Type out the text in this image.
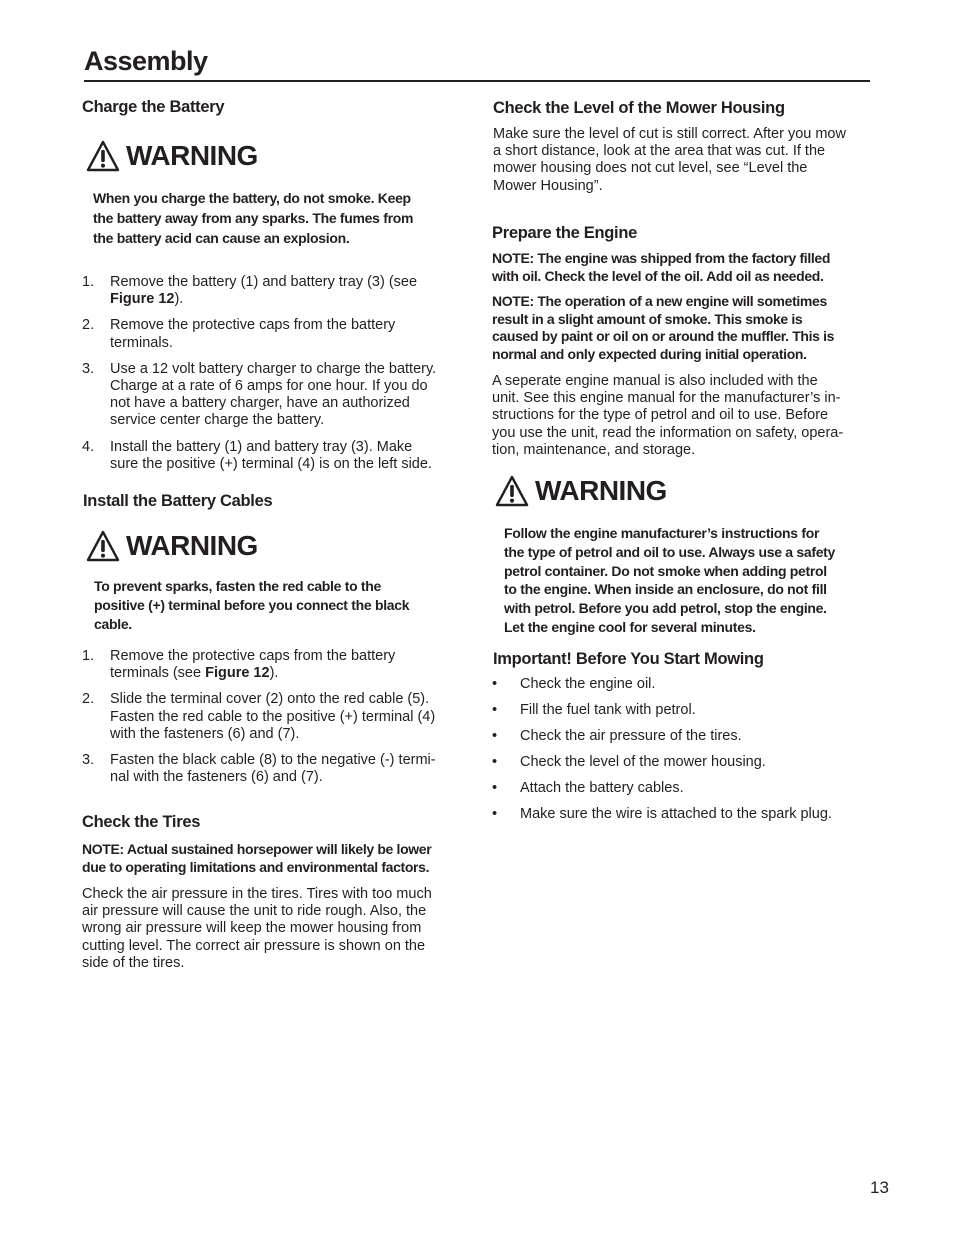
Assembly
Charge the Battery
WARNING

When you charge the battery, do not smoke. Keep
the battery away from any sparks. The fumes from
the battery acid can cause an explosion.

1. Remove the battery (1) and battery tray (3) (see
Figure 12).
2. Remove the protective caps from the battery
terminals.
3. Use a 12 volt battery charger to charge the battery.
Charge at a rate of 6 amps for one hour. If you do
not have a battery charger, have an authorized
service center charge the battery.
4. Install the battery (1) and battery tray (3). Make
sure the positive (+) terminal (4) is on the left side.
Install the Battery Cables
WARNING

To prevent sparks, fasten the red cable to the
positive (+) terminal before you connect the black
cable.

1. Remove the protective caps from the battery
terminals (see Figure 12).
2. Slide the terminal cover (2) onto the red cable (5).
Fasten the red cable to the positive (+) terminal (4)
with the fasteners (6) and (7).
3. Fasten the black cable (8) to the negative (-) termi-
nal with the fasteners (6) and (7).
Check the Tires

NOTE: Actual sustained horsepower will likely be lower
due to operating limitations and environmental factors.

Check the air pressure in the tires. Tires with too much
air pressure will cause the unit to ride rough. Also, the
wrong air pressure will keep the mower housing from
cutting level. The correct air pressure is shown on the
side of the tires.

Check the Level of the Mower Housing

Make sure the level of cut is still correct. After you mow
a short distance, look at the area that was cut. If the
mower housing does not cut level, see “Level the
Mower Housing”.

Prepare the Engine

NOTE: The engine was shipped from the factory filled
with oil. Check the level of the oil. Add oil as needed.

NOTE: The operation of a new engine will sometimes
result in a slight amount of smoke. This smoke is
caused by paint or oil on or around the muffler. This is
normal and only expected during initial operation.

A seperate engine manual is also included with the
unit. See this engine manual for the manufacturer’s in-
structions for the type of petrol and oil to use. Before
you use the unit, read the information on safety, opera-
tion, maintenance, and storage.

WARNING

Follow the engine manufacturer’s instructions for
the type of petrol and oil to use. Always use a safety
petrol container. Do not smoke when adding petrol
to the engine. When inside an enclosure, do not fill
with petrol. Before you add petrol, stop the engine.
Let the engine cool for several minutes.

Important! Before You Start Mowing
• Check the engine oil.
• Fill the fuel tank with petrol.
• Check the air pressure of the tires.
• Check the level of the mower housing.
• Attach the battery cables.
• Make sure the wire is attached to the spark plug.
13
